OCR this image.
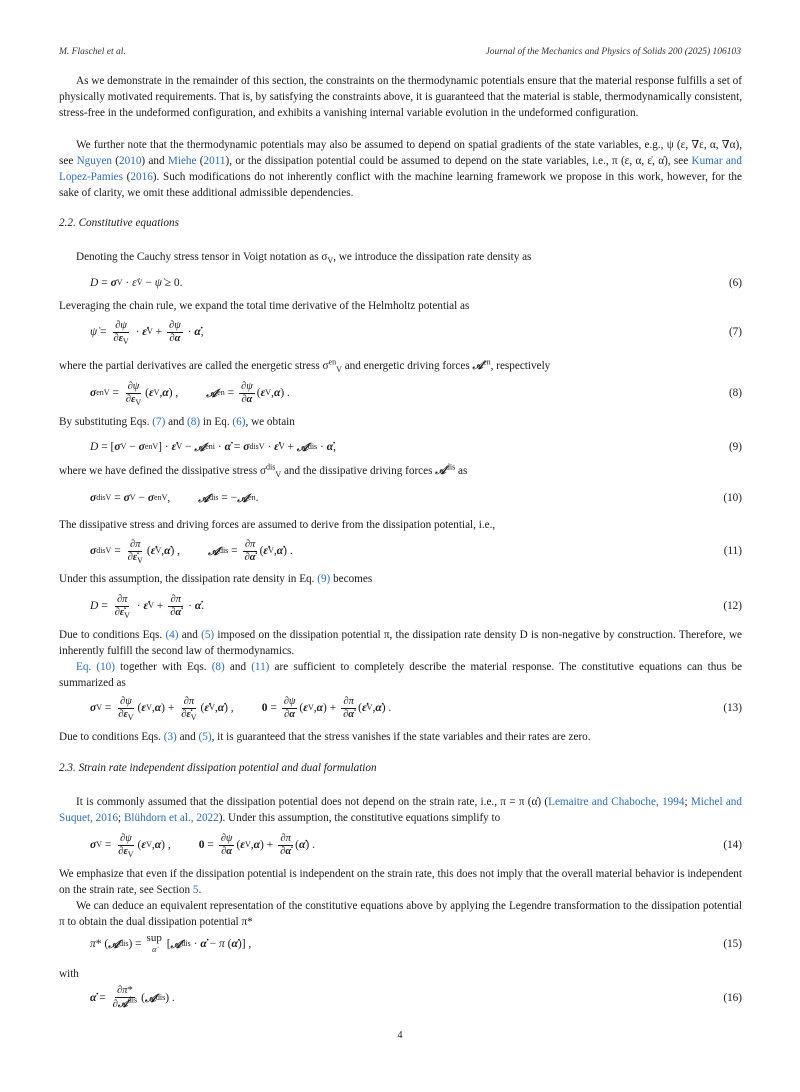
M. Flaschel et al.	Journal of the Mechanics and Physics of Solids 200 (2025) 106103

As we demonstrate in the remainder of this section, the constraints on the thermodynamic potentials ensure that the material response fulfills a set of physically motivated requirements. That is, by satisfying the constraints above, it is guaranteed that the material is stable, thermodynamically consistent, stress-free in the undeformed configuration, and exhibits a vanishing internal variable evolution in the undeformed configuration.

We further note that the thermodynamic potentials may also be assumed to depend on spatial gradients of the state variables, e.g., ψ (ε, ∇ε, α, ∇α), see Nguyen (2010) and Miehe (2011), or the dissipation potential could be assumed to depend on the state variables, i.e., π (ε, α, ε̇, α̇), see Kumar and Lopez-Pamies (2016). Such modifications do not inherently conflict with the machine learning framework we propose in this work, however, for the sake of clarity, we omit these additional admissible dependencies.

2.2. Constitutive equations

Denoting the Cauchy stress tensor in Voigt notation as $\sigma_V$, we introduce the dissipation rate density as

D = σ V · ε̇ V − ψ̇ ≥ 0.	(6)

Leveraging the chain rule, we expand the total time derivative of the Helmholtz potential as

ψ̇ = $\frac{\partial\psi}{\partial\varepsilon_V}$ · ε̇ $V + \frac{\partial\psi}{\partial\alpha}$ · α̇ ,	(7)

where the partial derivatives are called the energetic stress $\sigma^{en}_V$ and energetic driving forces 𝒜$^{en}$, respectively

σ en $V = \frac{\partial\psi}{\partial\varepsilon_V}$ ( ε V , α ) , 𝒜 en = $\frac{\partial\psi}{\partial\alpha}$ ( ε V , α ) .	(8)

By substituting Eqs. (7) and (8) in Eq. (6), we obtain

D = [ σ V − σ en V ] · ε̇ V − 𝒜 en i · α̇ = σ dis V · ε̇ V + 𝒜 dis · α̇ ,	(9)

where we have defined the dissipative stress $\sigma^{dis}_V$ and the dissipative driving forces 𝒜$^{dis}$ as

σ dis V = σ V − σ en V , 𝒜 dis = − 𝒜 en .	(10)

The dissipative stress and driving forces are assumed to derive from the dissipation potential, i.e.,

σ dis $V = \frac{\partial\pi}{\partial\varepsiloṅ_V}$ ( ε̇ V , α̇ ) , 𝒜 dis = $\frac{\partial\pi}{\partial\alphȧ}$ ( ε̇ V , α̇ ) .	(11)

Under this assumption, the dissipation rate density in Eq. (9) becomes

$D = \frac{\partial\pi}{\partial\varepsiloṅ_V}$ · ε̇ $V + \frac{\partial\pi}{\partial\alphȧ}$ · α̇ .	(12)

Due to conditions Eqs. (4) and (5) imposed on the dissipation potential π, the dissipation rate density D is non-negative by construction. Therefore, we inherently fulfill the second law of thermodynamics.

Eq. (10) together with Eqs. (8) and (11) are sufficient to completely describe the material response. The constitutive equations can thus be summarized as

σ $V = \frac{\partial\psi}{\partial\varepsilon_V}$ ( ε V , α ) + $\frac{\partial\pi}{\partial\varepsiloṅ_V}$ ( ε̇ V , α̇ ) , $0 = \frac{\partial\psi}{\partial\alpha}$ ( ε V , α ) + $\frac{\partial\pi}{\partial\alphȧ}$ ( ε̇ V , α̇ ) .	(13)

Due to conditions Eqs. (3) and (5), it is guaranteed that the stress vanishes if the state variables and their rates are zero.

2.3. Strain rate independent dissipation potential and dual formulation

It is commonly assumed that the dissipation potential does not depend on the strain rate, i.e., π = π (α̇) (Lemaitre and Chaboche, 1994; Michel and Suquet, 2016; Blühdorn et al., 2022). Under this assumption, the constitutive equations simplify to

σ $V = \frac{\partial\psi}{\partial\varepsilon_V}$ ( ε V , α ) , $0 = \frac{\partial\psi}{\partial\alpha}$ ( ε V , α ) + $\frac{\partial\pi}{\partial\alphȧ}$ ( α̇ ) .	(14)

We emphasize that even if the dissipation potential is independent on the strain rate, this does not imply that the overall material behavior is independent on the strain rate, see Section 5.

We can deduce an equivalent representation of the constitutive equations above by applying the Legendre transformation to the dissipation potential π to obtain the dual dissipation potential π*

π * ( 𝒜 dis ) = sup
α̇ [ 𝒜 dis · α̇ − π ( α̇ )] ,	(15)

with

α̇ = $\frac{\partial\pi*}{\partial 𝒜^{dis}}$ ( 𝒜 dis ) .	(16)
4
